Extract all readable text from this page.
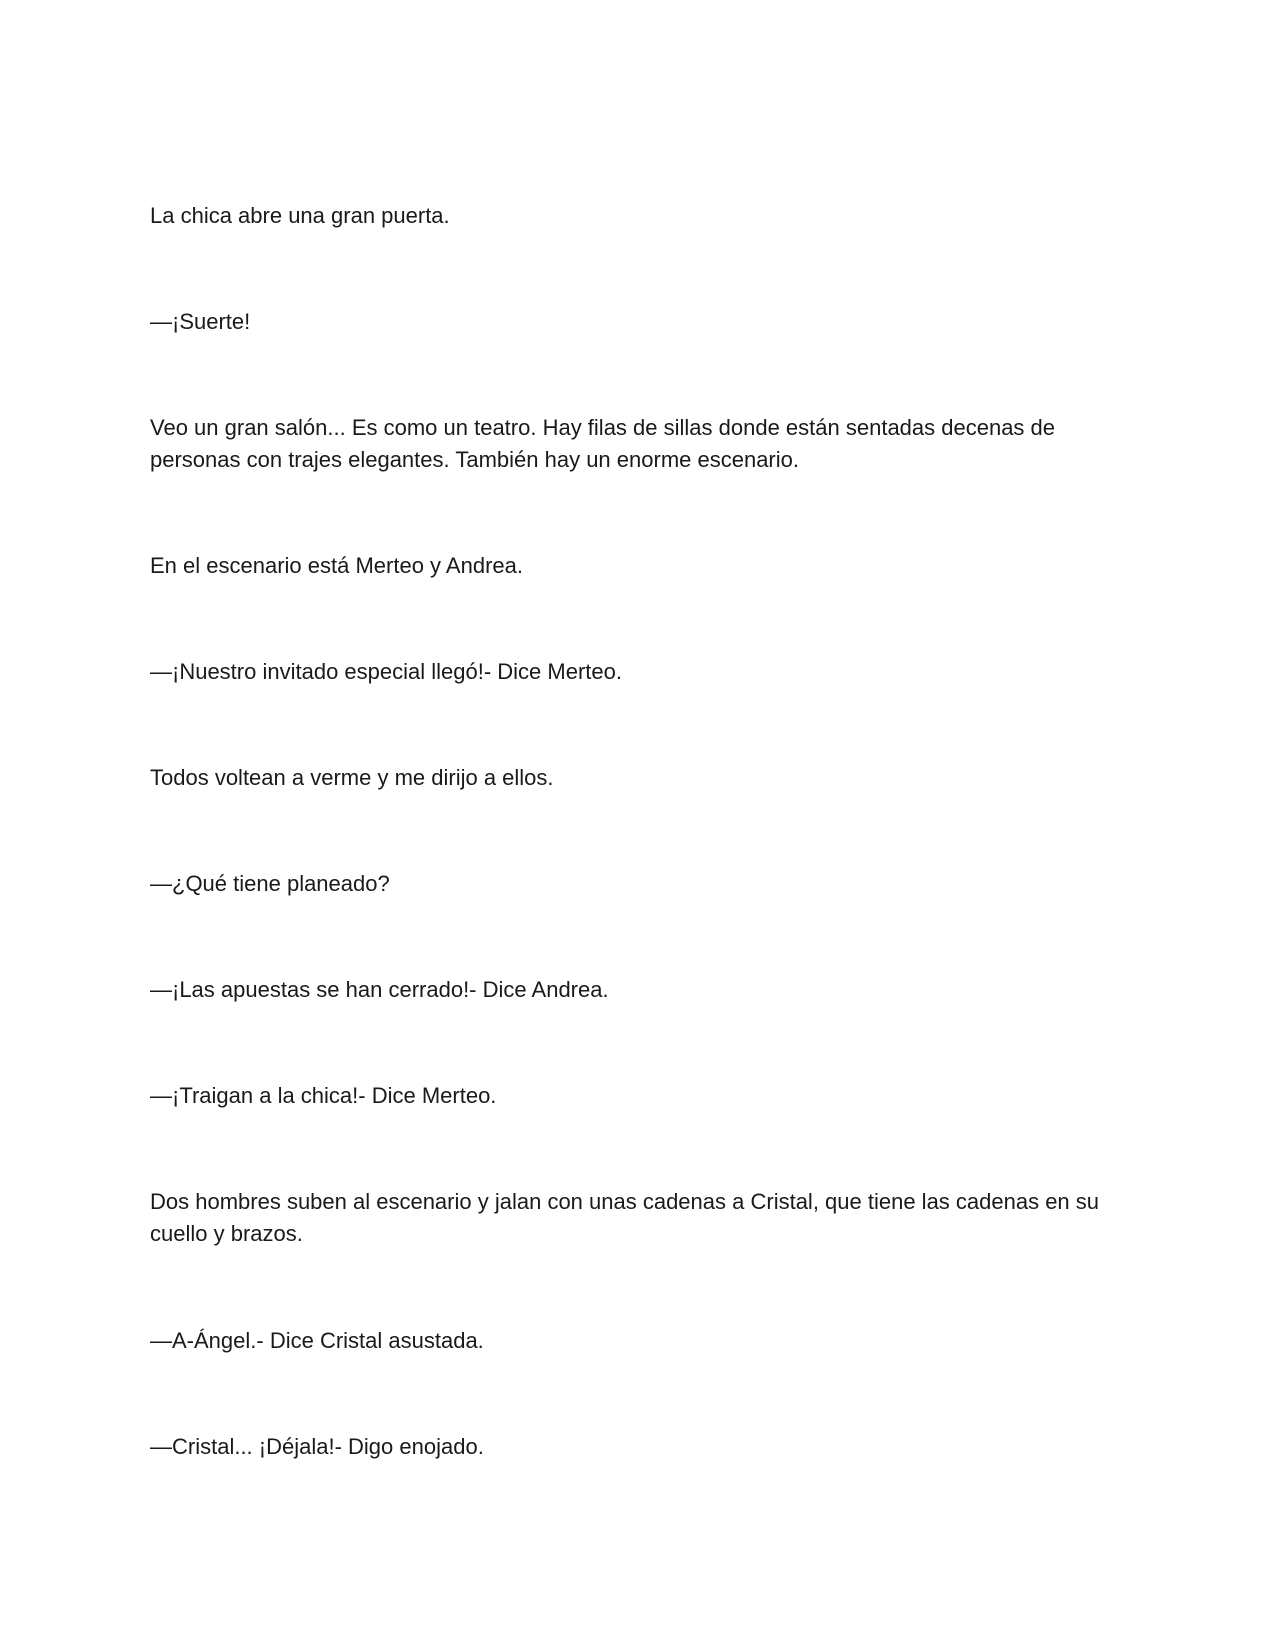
La chica abre una gran puerta.

—¡Suerte!

Veo un gran salón... Es como un teatro. Hay filas de sillas donde están sentadas decenas de personas con trajes elegantes. También hay un enorme escenario.

En el escenario está Merteo y Andrea.

—¡Nuestro invitado especial llegó!- Dice Merteo.

Todos voltean a verme y me dirijo a ellos.

—¿Qué tiene planeado?

—¡Las apuestas se han cerrado!- Dice Andrea.

—¡Traigan a la chica!- Dice Merteo.

Dos hombres suben al escenario y jalan con unas cadenas a Cristal, que tiene las cadenas en su cuello y brazos.

—A-Ángel.- Dice Cristal asustada.

—Cristal... ¡Déjala!- Digo enojado.
